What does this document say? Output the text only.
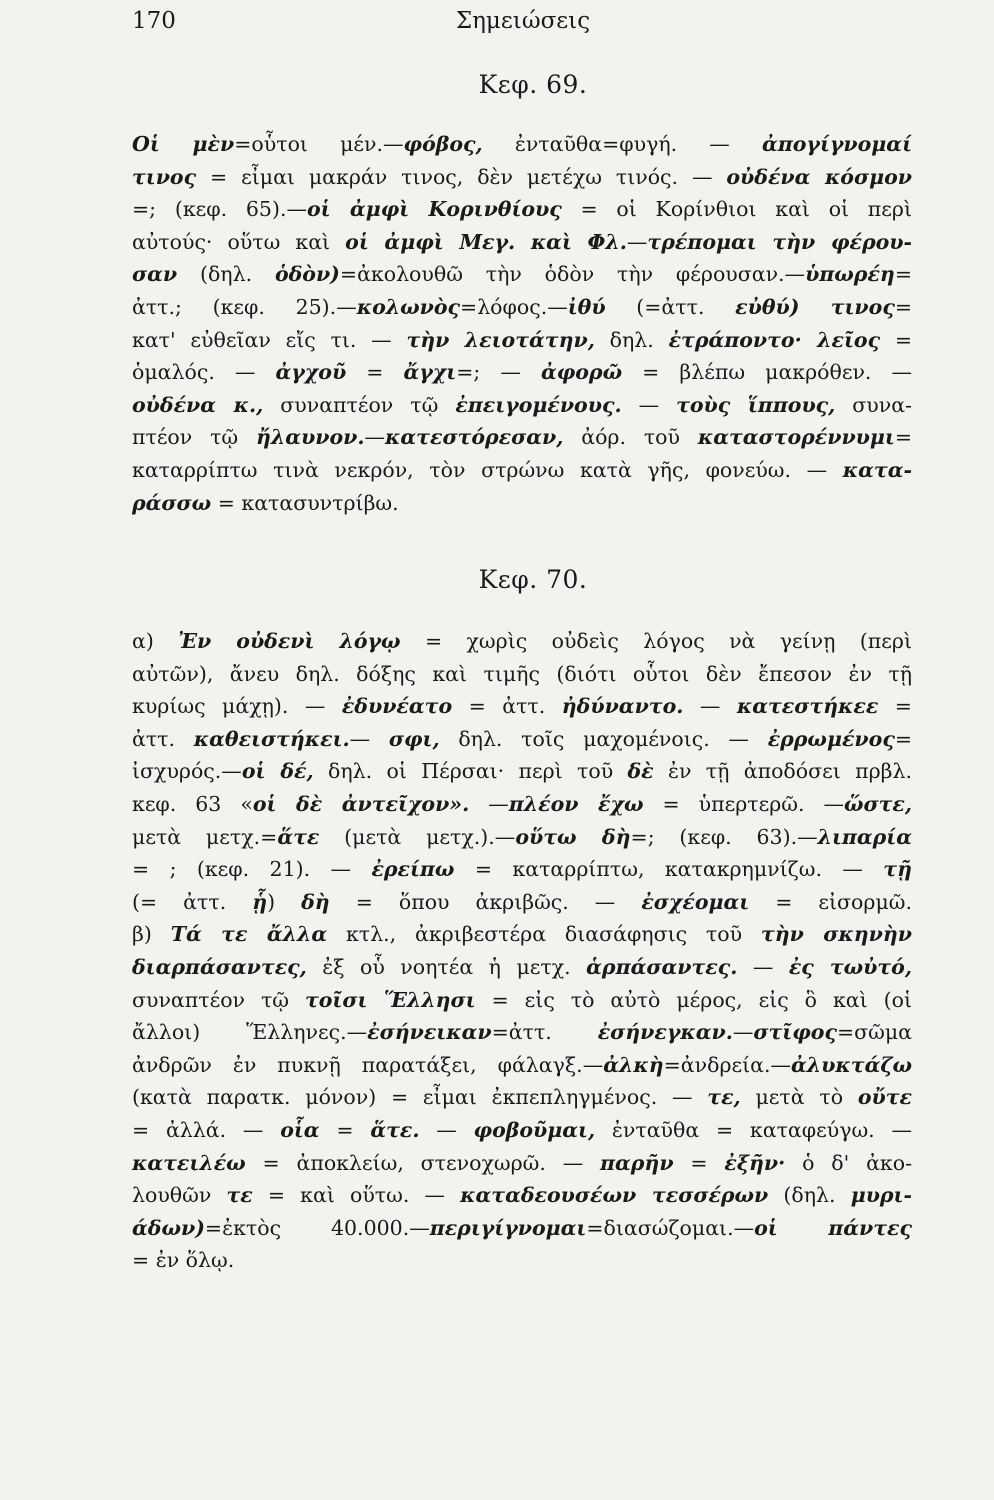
170	Σημειώσεις
Κεφ. 69.
Οἱ μὲν=οὗτοι μέν.—φόβος, ἐνταῦθα=φυγή. — ἀπογίγνομαί
τινος = εἶμαι μακράν τινος, δὲν μετέχω τινός. — οὐδένα κόσμον
=; (κεφ. 65).—οἱ ἀμφὶ Κορινθίους = οἱ Κορίνθιοι καὶ οἱ περὶ
αὐτούς· οὕτω καὶ οἱ ἀμφὶ Μεγ. καὶ Φλ.—τρέπομαι τὴν φέρου-
σαν (δηλ. ὁδὸν)=ἀκολουθῶ τὴν ὁδὸν τὴν φέρουσαν.—ὑπωρέη=
ἀττ.; (κεφ. 25).—κολωνὸς=λόφος.—ἰθύ (=ἀττ. εὐθύ) τινος=
κατ' εὐθεῖαν εἴς τι. — τὴν λειοτάτην, δηλ. ἐτράποντο· λεῖος =
ὁμαλός. — ἀγχοῦ = ἄγχι=; — ἀφορῶ = βλέπω μακρόθεν. —
οὐδένα κ., συναπτέον τῷ ἐπειγομένους. — τοὺς ἵππους, συνα-
πτέον τῷ ἤλαυνον.—κατεστόρεσαν, ἀόρ. τοῦ καταστορέννυμι=
καταρρίπτω τινὰ νεκρόν, τὸν στρώνω κατὰ γῆς, φονεύω. — κατα-
ράσσω = κατασυντρίβω.
Κεφ. 70.
α) Ἐν οὐδενὶ λόγῳ = χωρὶς οὐδεὶς λόγος νὰ γείνῃ (περὶ
αὐτῶν), ἄνευ δηλ. δόξης καὶ τιμῆς (διότι οὗτοι δὲν ἔπεσον ἐν τῇ
κυρίως μάχῃ). — ἐδυνέατο = ἀττ. ἠδύναντο. — κατεστήκεε =
ἀττ. καθειστήκει.— σφι, δηλ. τοῖς μαχομένοις. — ἐρρωμένος=
ἰσχυρός.—οἱ δέ, δηλ. οἱ Πέρσαι· περὶ τοῦ δὲ ἐν τῇ ἀποδόσει πρβλ.
κεφ. 63 «οἱ δὲ ἀντεῖχον». —πλέον ἔχω = ὑπερτερῶ. —ὥστε,
μετὰ μετχ.=ἅτε (μετὰ μετχ.).—οὕτω δὴ=; (κεφ. 63).—λιπαρία
= ; (κεφ. 21). — ἐρείπω = καταρρίπτω, κατακρημνίζω. — τῇ
(= ἀττ. ᾗ) δὴ = ὅπου ἀκριβῶς. — ἐσχέομαι = εἰσορμῶ.
β) Τά τε ἄλλα κτλ., ἀκριβεστέρα διασάφησις τοῦ τὴν σκηνὴν
διαρπάσαντες, ἐξ οὗ νοητέα ἡ μετχ. ἁρπάσαντες. — ἐς τωὐτό,
συναπτέον τῷ τοῖσι Ἕλλησι = εἰς τὸ αὐτὸ μέρος, εἰς ὃ καὶ (οἱ
ἄλλοι) Ἕλληνες.—ἐσήνεικαν=ἀττ. ἐσήνεγκαν.—στῖφος=σῶμα
ἀνδρῶν ἐν πυκνῇ παρατάξει, φάλαγξ.—ἀλκὴ=ἀνδρεία.—ἀλυκτάζω
(κατὰ παρατκ. μόνον) = εἶμαι ἐκπεπληγμένος. — τε, μετὰ τὸ οὔτε
= ἀλλά. — οἷα = ἅτε. — φοβοῦμαι, ἐνταῦθα = καταφεύγω. —
κατειλέω = ἀποκλείω, στενοχωρῶ. — παρῆν = ἐξῆν· ὁ δ' ἀκο-
λουθῶν τε = καὶ οὕτω. — καταδεουσέων τεσσέρων (δηλ. μυρι-
άδων)=ἐκτὸς 40.000.—περιγίγνομαι=διασώζομαι.—οἱ πάντες
= ἐν ὅλῳ.
